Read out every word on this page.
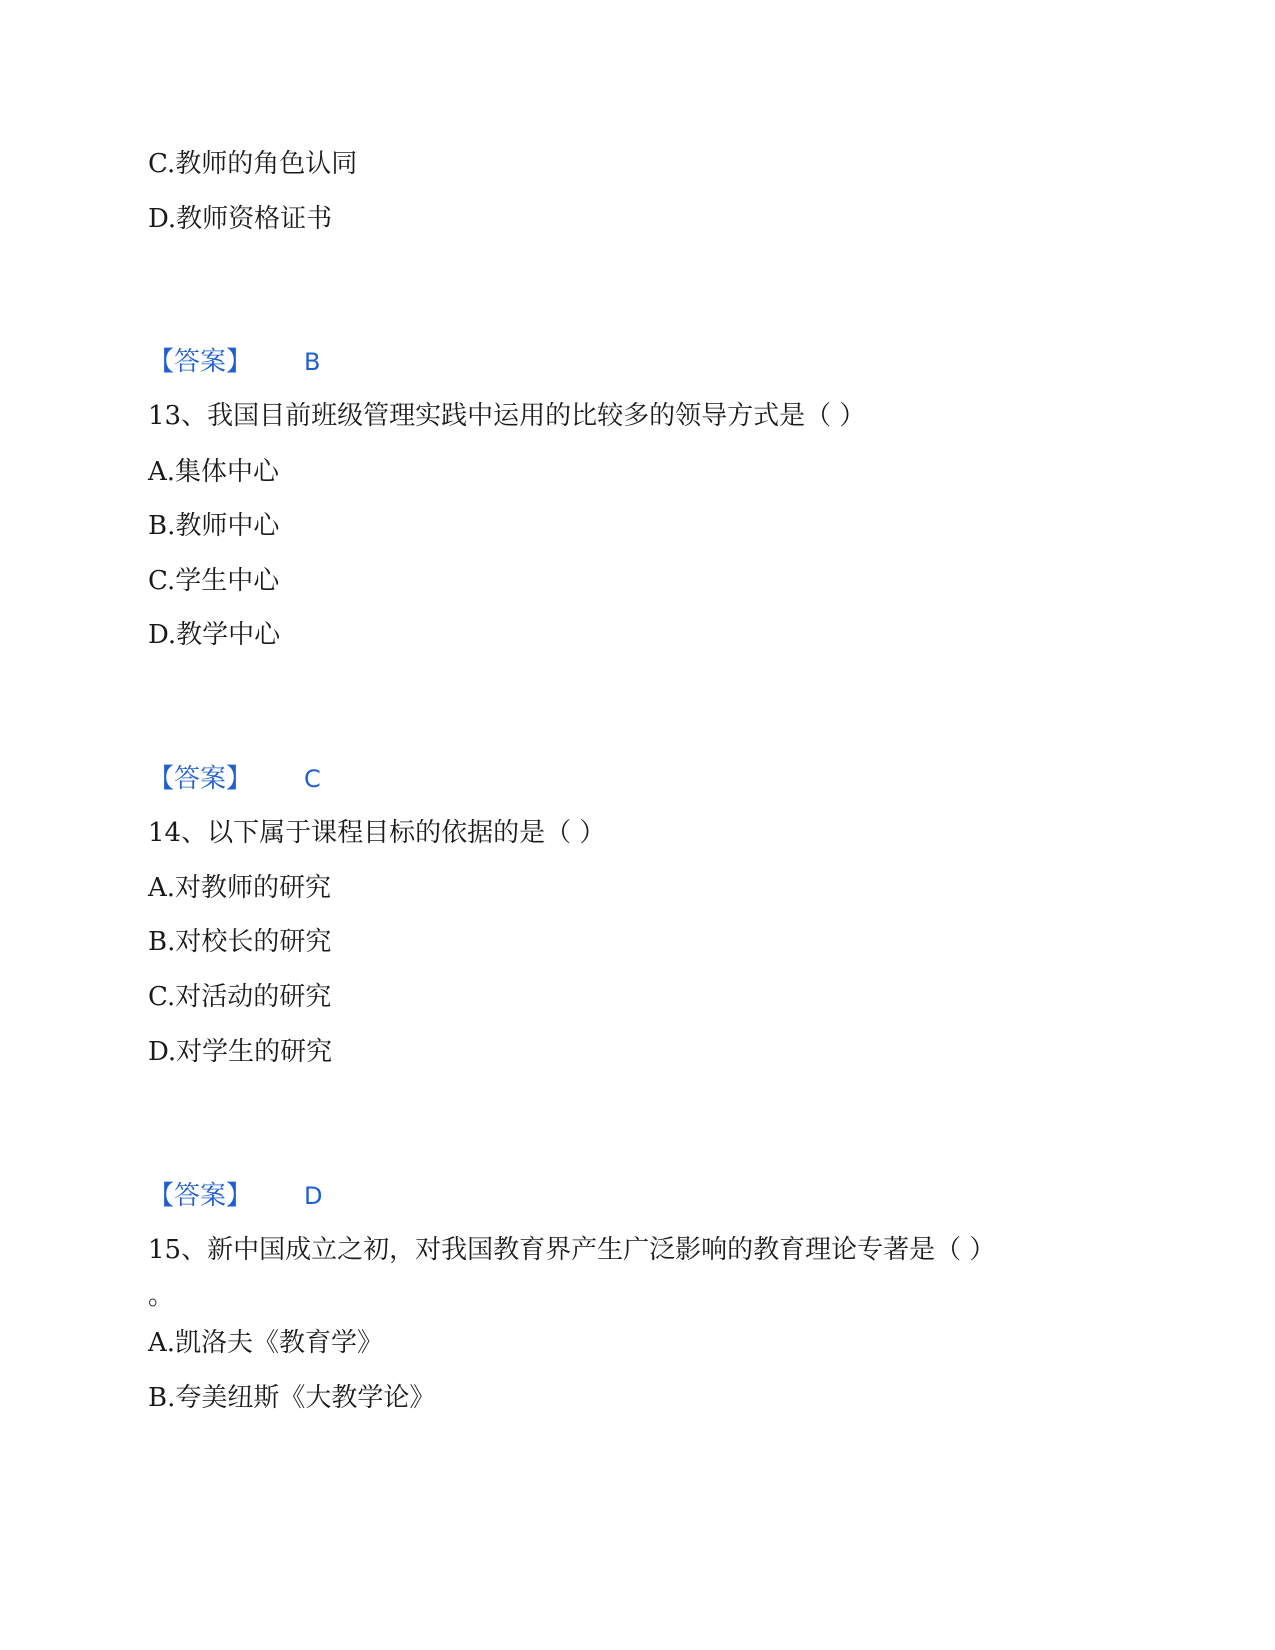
C.教师的角色认同
D.教师资格证书
【答案】 B
13、我国目前班级管理实践中运用的比较多的领导方式是（ ）
A.集体中心
B.教师中心
C.学生中心
D.教学中心
【答案】 C
14、以下属于课程目标的依据的是（ ）
A.对教师的研究
B.对校长的研究
C.对活动的研究
D.对学生的研究
【答案】 D
15、新中国成立之初，对我国教育界产生广泛影响的教育理论专著是（ ）
。
A.凯洛夫《教育学》
B.夸美纽斯《大教学论》
